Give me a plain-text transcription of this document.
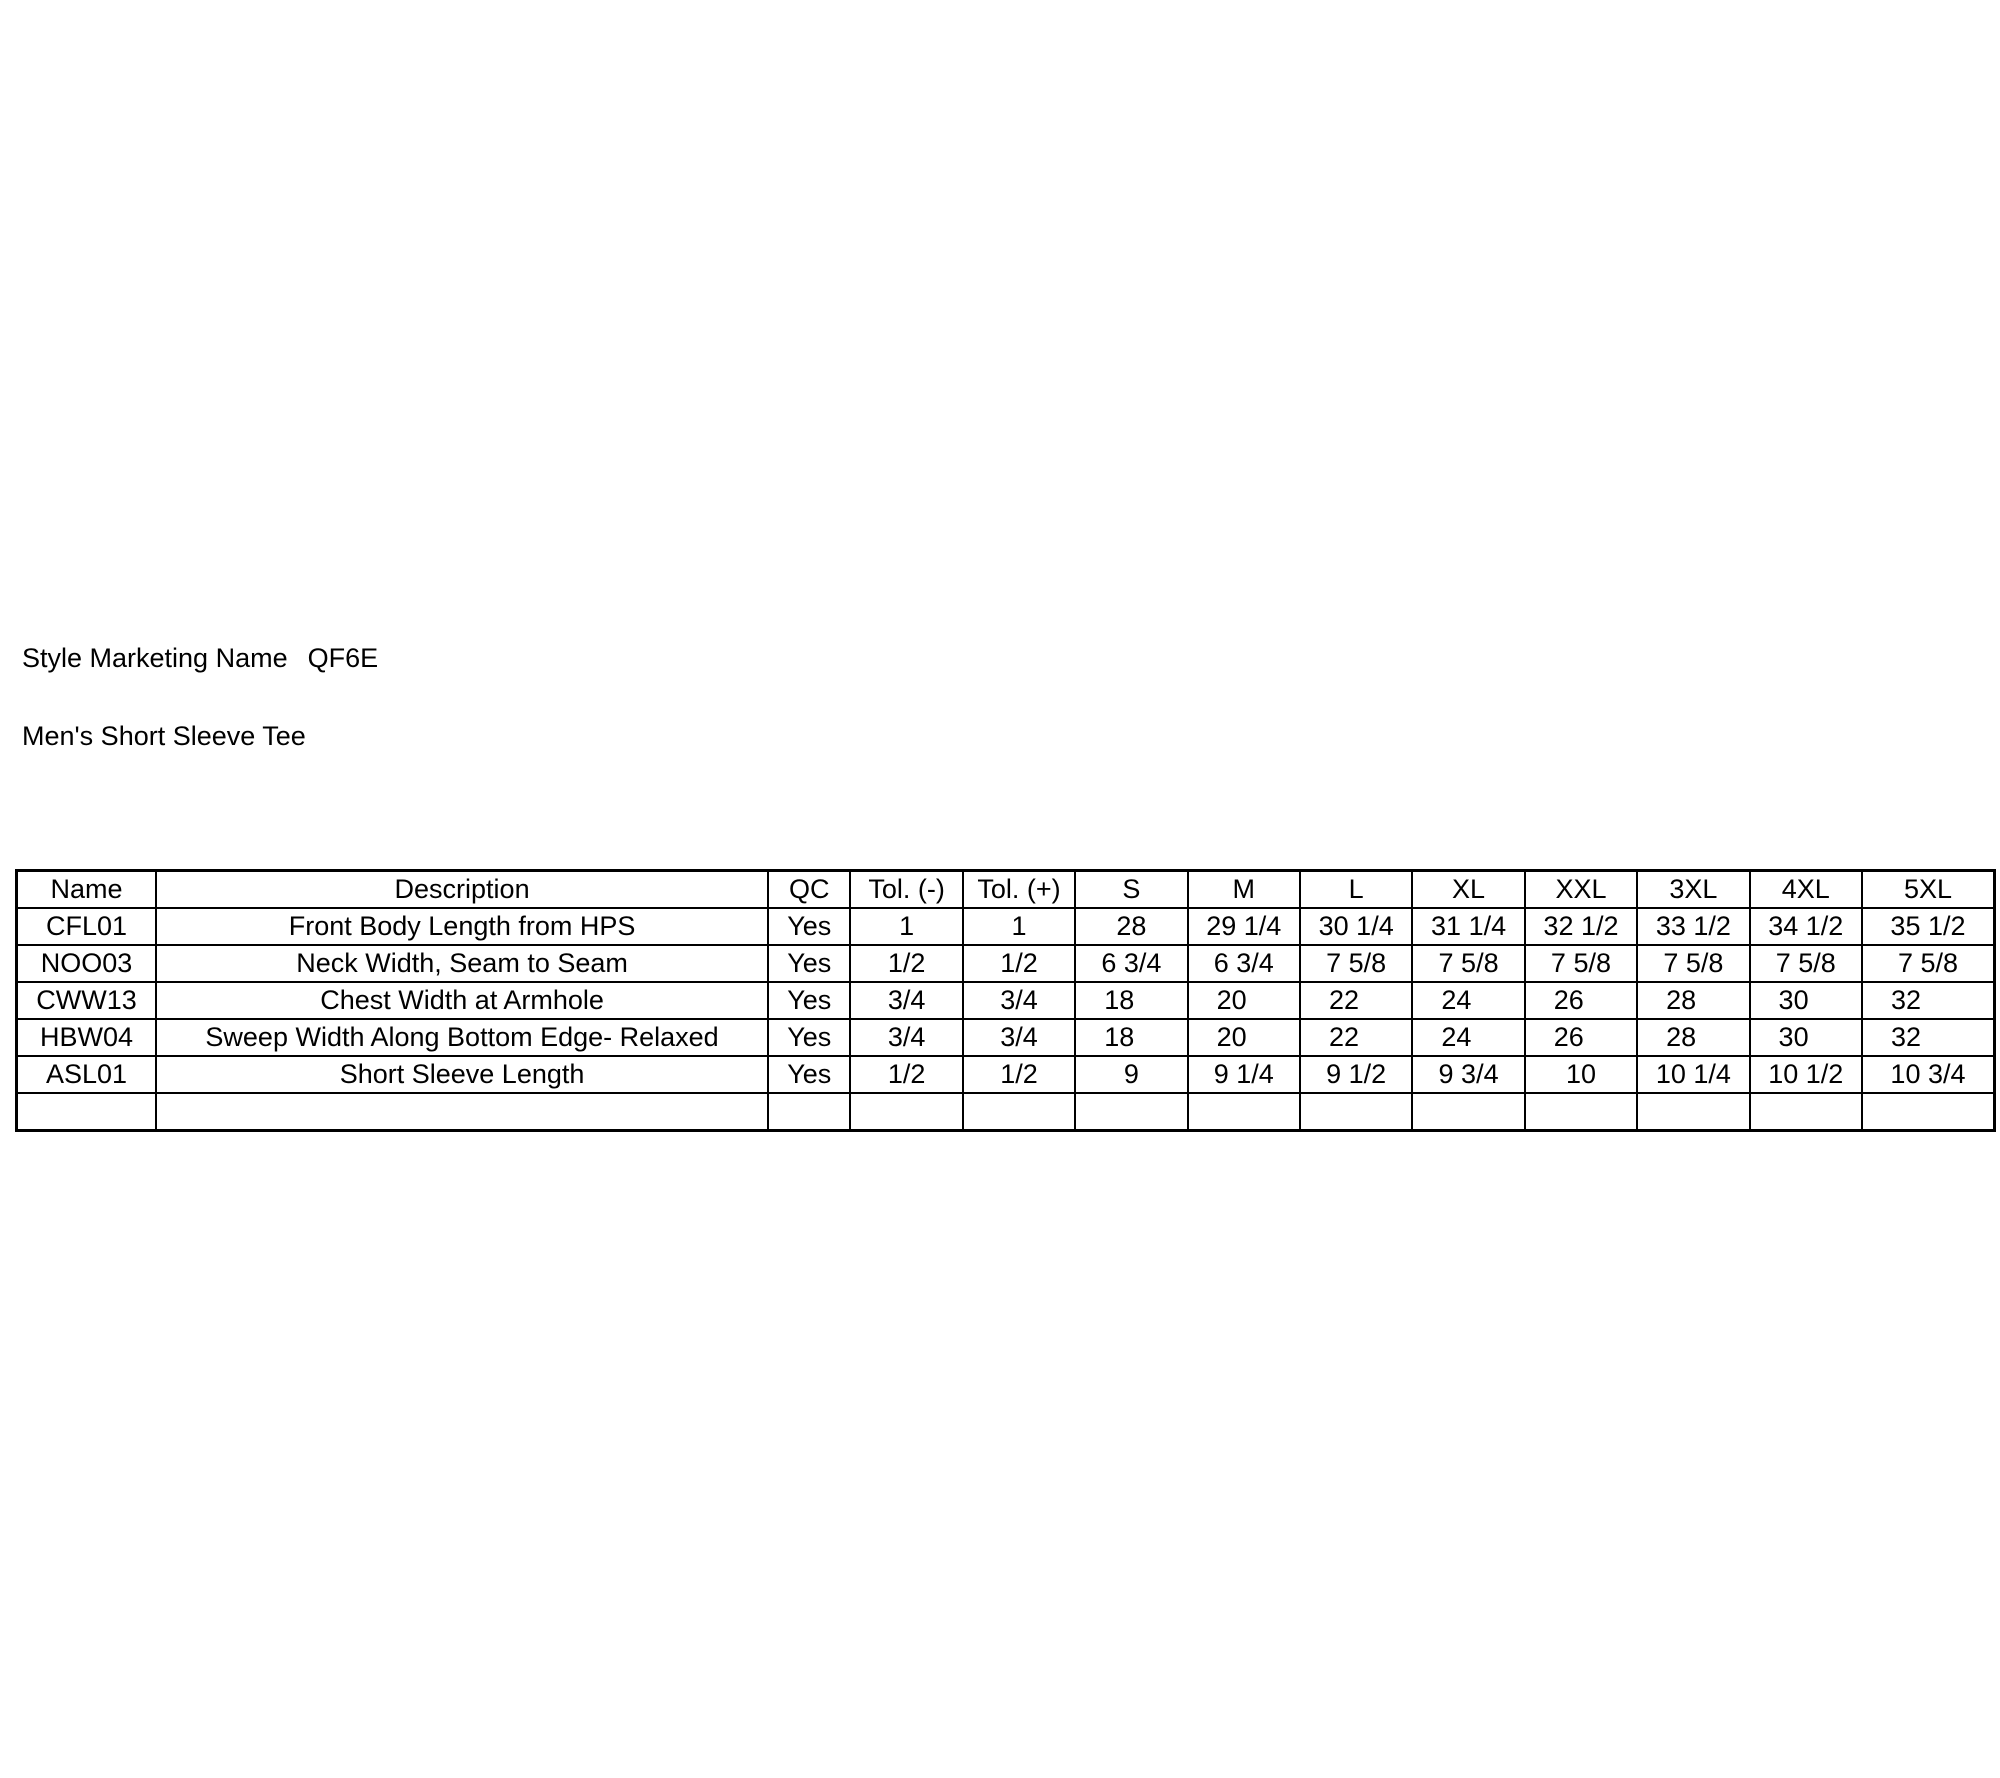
Style Marketing Name QF6E
Men's Short Sleeve Tee
Name	Description	QC	Tol. (-)	Tol. (+)	S	M	L	XL	XXL	3XL	4XL	5XL
CFL01	Front Body Length from HPS	Yes	1	1	28	29 1/4	30 1/4	31 1/4	32 1/2	33 1/2	34 1/2	35 1/2
NOO03	Neck Width, Seam to Seam	Yes	1/2	1/2	6 3/4	6 3/4	7 5/8	7 5/8	7 5/8	7 5/8	7 5/8	7 5/8
CWW13	Chest Width at Armhole	Yes	3/4	3/4	18	20	22	24	26	28	30	32
HBW04	Sweep Width Along Bottom Edge- Relaxed	Yes	3/4	3/4	18	20	22	24	26	28	30	32
ASL01	Short Sleeve Length	Yes	1/2	1/2	9	9 1/4	9 1/2	9 3/4	10	10 1/4	10 1/2	10 3/4
